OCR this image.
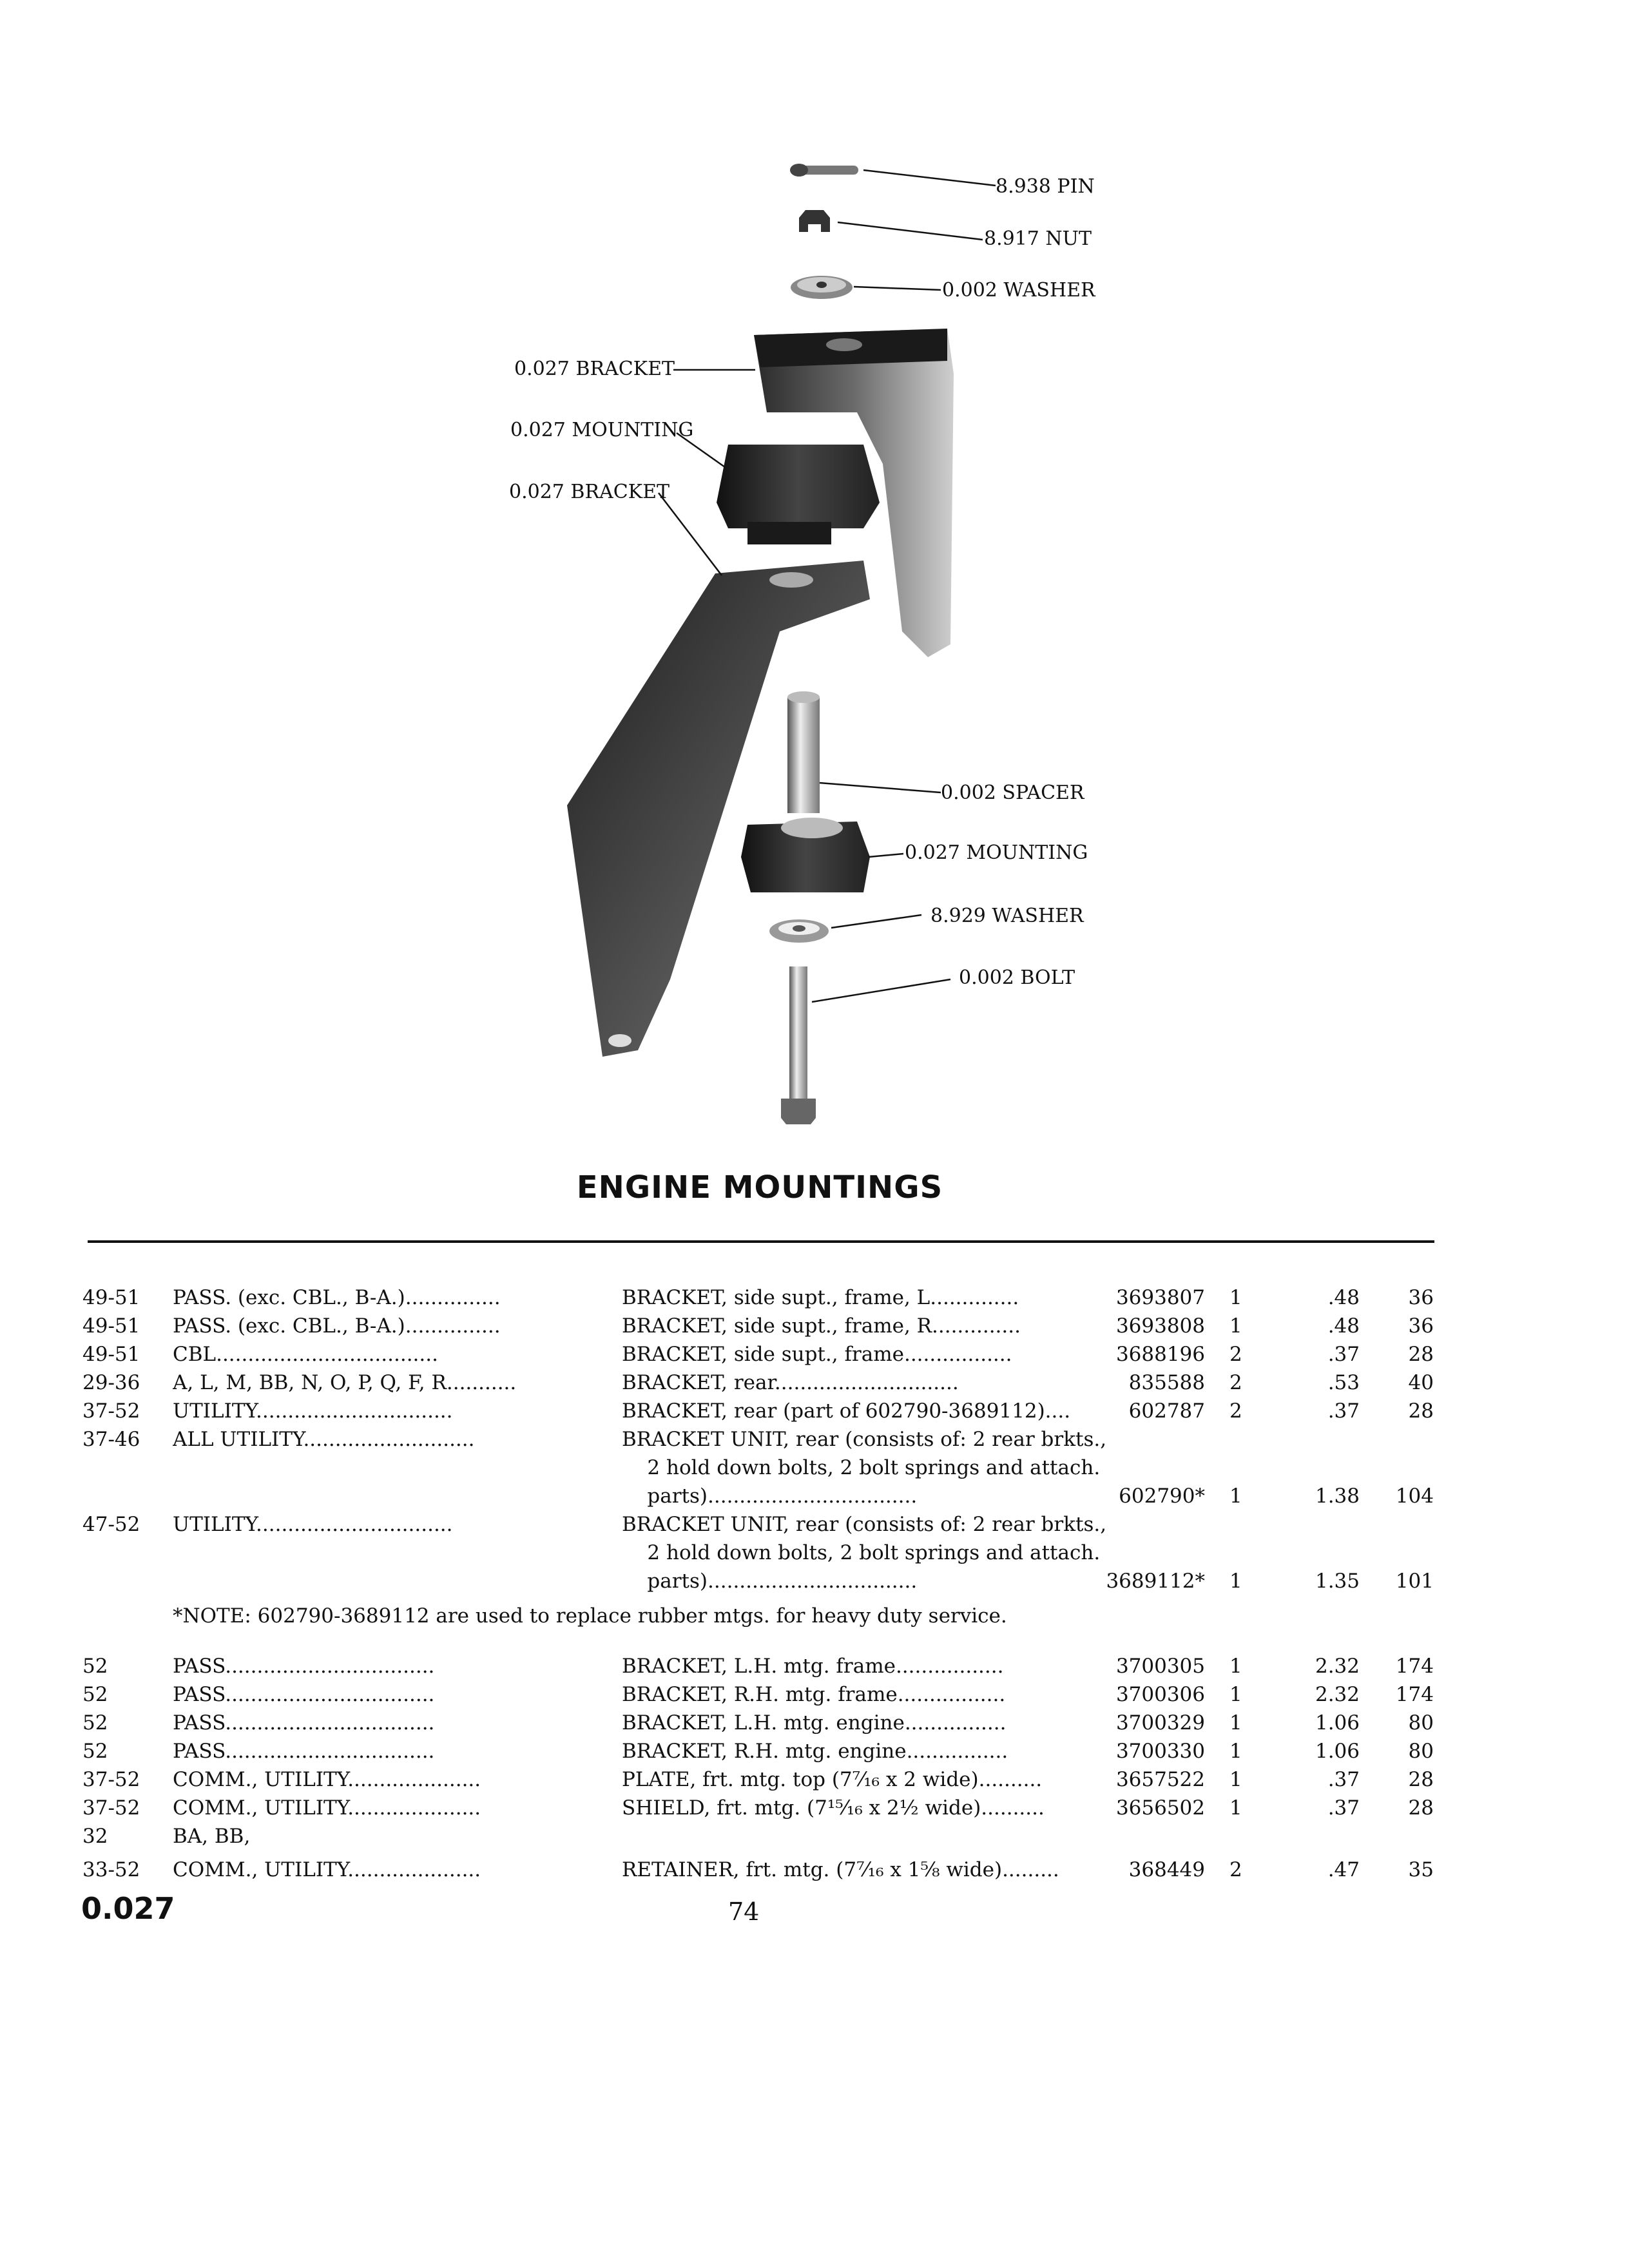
8.938 PIN
8.917 NUT
0.002 WASHER
0.027 BRACKET
0.027 MOUNTING
0.027 BRACKET
0.002 SPACER
0.027 MOUNTING
8.929 WASHER
0.002 BOLT
ENGINE MOUNTINGS
49-51	PASS. (exc. CBL., B-A.)...............	BRACKET, side supt., frame, L..............	3693807 1	.48	36
49-51	PASS. (exc. CBL., B-A.)...............	BRACKET, side supt., frame, R..............	3693808 1	.48	36
49-51	CBL...................................	BRACKET, side supt., frame.................	3688196 2	.37	28
29-36	A, L, M, BB, N, O, P, Q, F, R...........	BRACKET, rear.............................	835588 2	.53	40
37-52	UTILITY...............................	BRACKET, rear (part of 602790-3689112)....	602787 2	.37	28
37-46	ALL UTILITY...........................	BRACKET UNIT, rear (consists of: 2 rear brkts.,
2 hold down bolts, 2 bolt springs and attach.
parts).................................	602790* 1	1.38	104
47-52	UTILITY...............................	BRACKET UNIT, rear (consists of: 2 rear brkts.,
2 hold down bolts, 2 bolt springs and attach.
parts).................................	3689112* 1	1.35	101
*NOTE: 602790-3689112 are used to replace rubber mtgs. for heavy duty service.
52	PASS.................................	BRACKET, L.H. mtg. frame.................	3700305 1	2.32	174
52	PASS.................................	BRACKET, R.H. mtg. frame.................	3700306 1	2.32	174
52	PASS.................................	BRACKET, L.H. mtg. engine................	3700329 1	1.06	80
52	PASS.................................	BRACKET, R.H. mtg. engine................	3700330 1	1.06	80
37-52	COMM., UTILITY.....................	PLATE, frt. mtg. top (7⁷⁄₁₆ x 2 wide)..........	3657522 1	.37	28
37-52	COMM., UTILITY.....................	SHIELD, frt. mtg. (7¹⁵⁄₁₆ x 2½ wide)..........	3656502 1	.37	28
32	BA, BB,
33-52	COMM., UTILITY.....................	RETAINER, frt. mtg. (7⁷⁄₁₆ x 1⅝ wide).........	368449 2	.47	35
0.027	74
